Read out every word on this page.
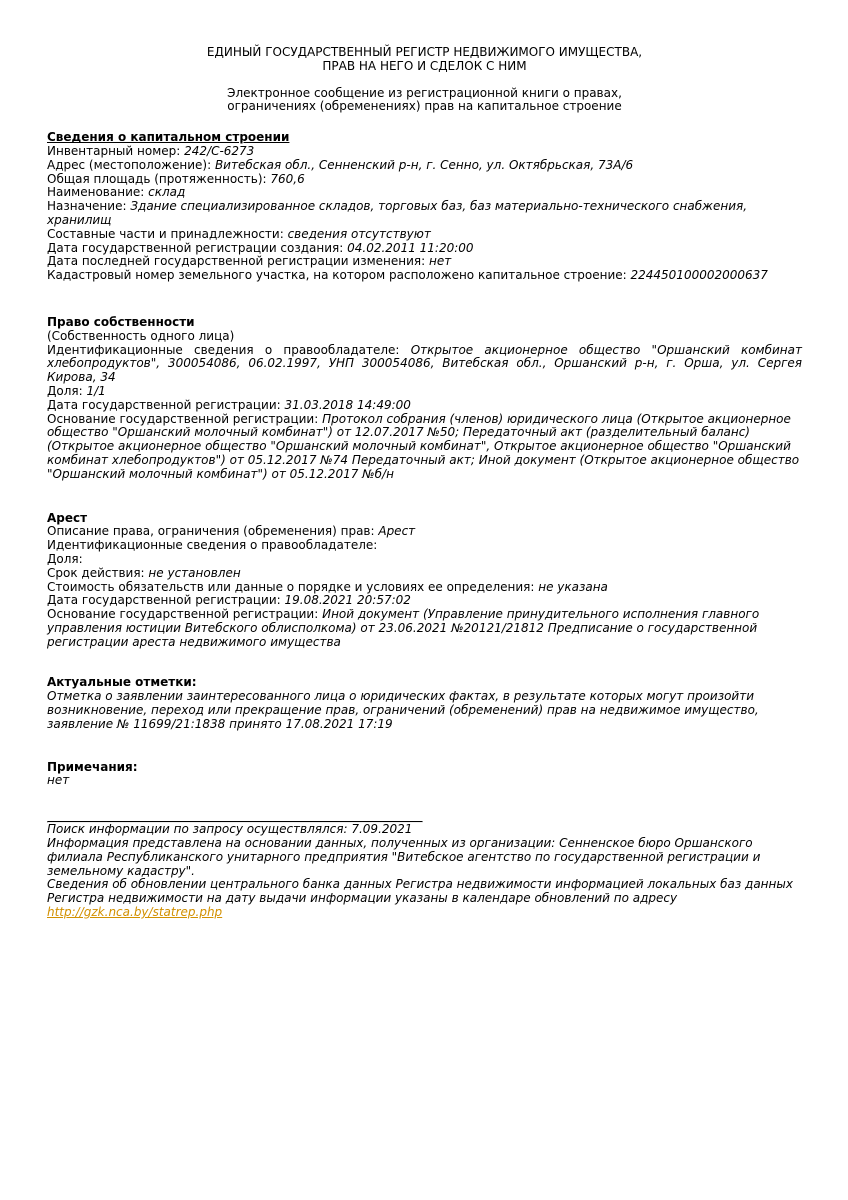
ЕДИНЫЙ ГОСУДАРСТВЕННЫЙ РЕГИСТР НЕДВИЖИМОГО ИМУЩЕСТВА,
ПРАВ НА НЕГО И СДЕЛОК С НИМ
Электронное сообщение из регистрационной книги о правах,
ограничениях (обременениях) прав на капитальное строение
Сведения о капитальном строении
Инвентарный номер: 242/C-6273
Адрес (местоположение): Витебская обл., Сенненский р-н, г. Сенно, ул. Октябрьская, 73А/6
Общая площадь (протяженность): 760,6
Наименование: склад
Назначение: Здание специализированное складов, торговых баз, баз материально-технического снабжения, хранилищ
Составные части и принадлежности: сведения отсутствуют
Дата государственной регистрации создания: 04.02.2011 11:20:00
Дата последней государственной регистрации изменения: нет
Кадастровый номер земельного участка, на котором расположено капитальное строение: 224450100002000637
Право собственности
(Собственность одного лица)
Идентификационные сведения о правообладателе: Открытое акционерное общество "Оршанский комбинат хлебопродуктов", 300054086, 06.02.1997, УНП 300054086, Витебская обл., Оршанский р-н, г. Орша, ул. Сергея Кирова, 34
Доля: 1/1
Дата государственной регистрации: 31.03.2018 14:49:00
Основание государственной регистрации: Протокол собрания (членов) юридического лица (Открытое акционерное общество "Оршанский молочный комбинат") от 12.07.2017 №50; Передаточный акт (разделительный баланс) (Открытое акционерное общество "Оршанский молочный комбинат", Открытое акционерное общество "Оршанский комбинат хлебопродуктов") от 05.12.2017 №74 Передаточный акт; Иной документ (Открытое акционерное общество "Оршанский молочный комбинат") от 05.12.2017 №б/н
Арест
Описание права, ограничения (обременения) прав: Арест
Идентификационные сведения о правообладателе:
Доля:
Срок действия: не установлен
Стоимость обязательств или данные о порядке и условиях ее определения: не указана
Дата государственной регистрации: 19.08.2021 20:57:02
Основание государственной регистрации: Иной документ (Управление принудительного исполнения главного управления юстиции Витебского облисполкома) от 23.06.2021 №20121/21812 Предписание о государственной регистрации ареста недвижимого имущества
Актуальные отметки:
Отметка о заявлении заинтересованного лица о юридических фактах, в результате которых могут произойти возникновение, переход или прекращение прав, ограничений (обременений) прав на недвижимое имущество, заявление № 11699/21:1838 принято 17.08.2021 17:19
Примечания:
нет
Поиск информации по запросу осуществлялся: 7.09.2021
Информация представлена на основании данных, полученных из организации: Сенненское бюро Оршанского филиала Республиканского унитарного предприятия "Витебское агентство по государственной регистрации и земельному кадастру".
Сведения об обновлении центрального банка данных Регистра недвижимости информацией локальных баз данных Регистра недвижимости на дату выдачи информации указаны в календаре обновлений по адресу
http://gzk.nca.by/statrep.php
